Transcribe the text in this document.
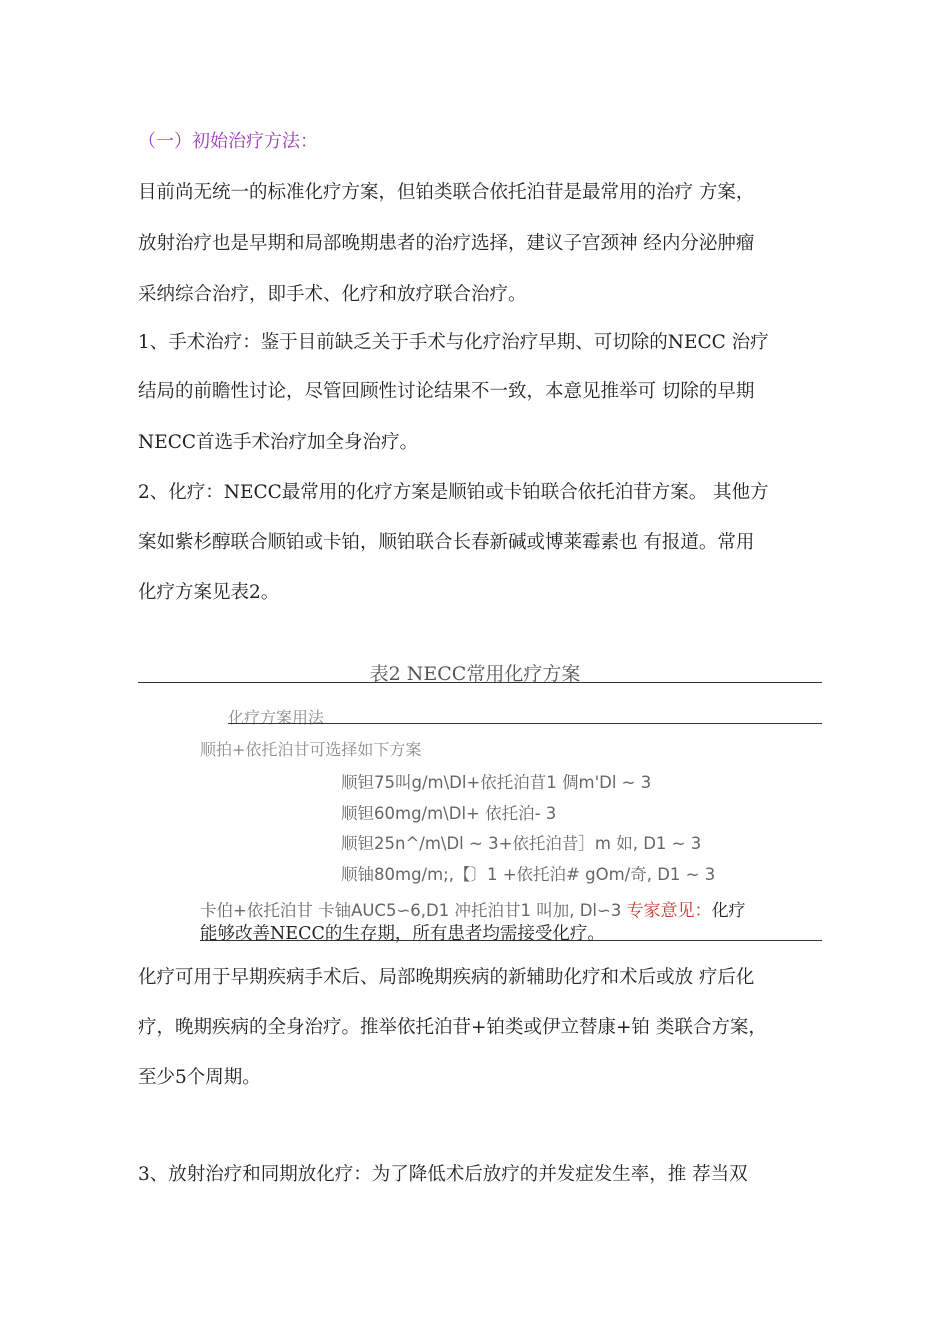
（一）初始治疗方法：
目前尚无统一的标准化疗方案，但铂类联合依托泊苷是最常用的治疗 方案，
放射治疗也是早期和局部晚期患者的治疗选择，建议子宫颈神 经内分泌肿瘤
采纳综合治疗，即手术、化疗和放疗联合治疗。
1、手术治疗：鉴于目前缺乏关于手术与化疗治疗早期、可切除的NECC 治疗
结局的前瞻性讨论，尽管回顾性讨论结果不一致，本意见推举可 切除的早期
NECC首选手术治疗加全身治疗。
2、化疗：NECC最常用的化疗方案是顺铂或卡铂联合依托泊苷方案。 其他方
案如紫杉醇联合顺铂或卡铂，顺铂联合长春新碱或博莱霉素也 有报道。常用
化疗方案见表2。
表2 NECC常用化疗方案
化疗方案用法
顺拍+依托泊甘可选择如下方案
顺钽75叫g/m\Dl+依托泊苜1 倜m'Dl ~ 3
顺钽60mg/m\Dl+ 依托泊- 3
顺钽25n^/m\Dl ~ 3+依托泊昔］m 如, D1 ~ 3
顺铀80mg/m;,【〕1 +依托泊# gOm/奇, D1 ~ 3
卡伯+依托泊甘 卡铀AUC5∽6,D1 冲托泊甘1 叫加, Dl∽3 专家意见：化疗
能够改善NECC的生存期，所有患者均需接受化疗。
化疗可用于早期疾病手术后、局部晚期疾病的新辅助化疗和术后或放 疗后化
疗，晚期疾病的全身治疗。推举依托泊苷+铂类或伊立替康+铂 类联合方案，
至少5个周期。
3、放射治疗和同期放化疗：为了降低术后放疗的并发症发生率，推 荐当双
